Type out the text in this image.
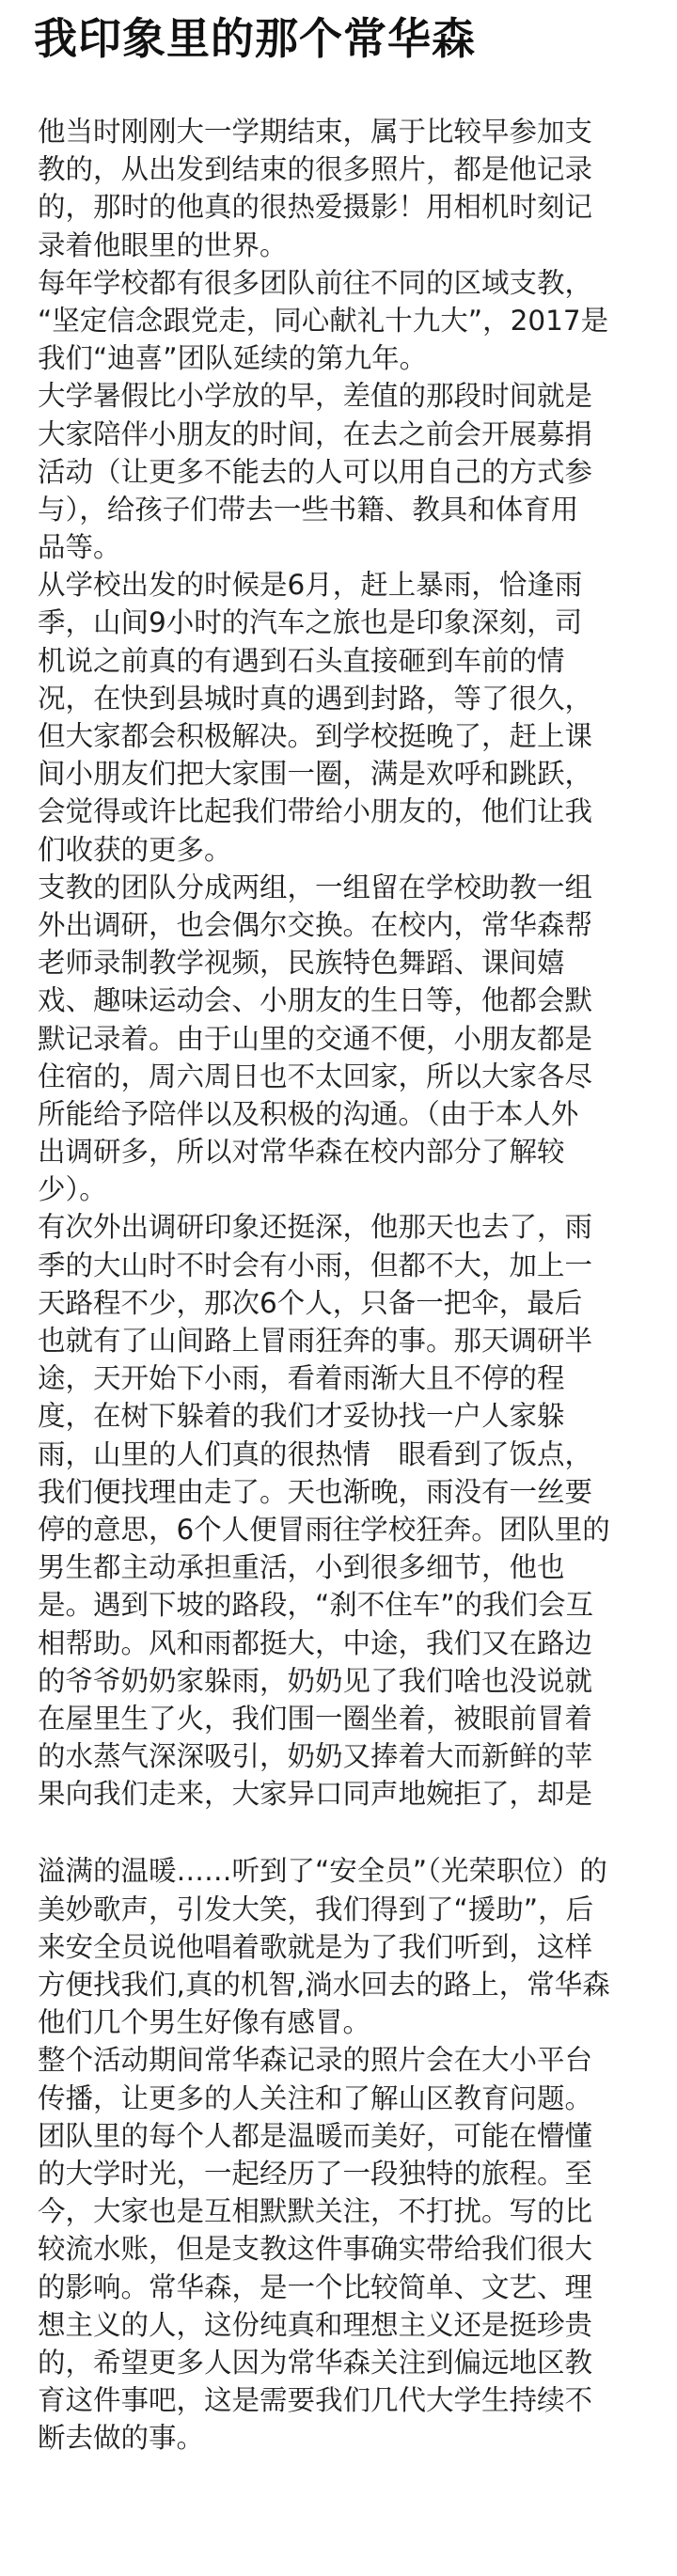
我印象里的那个常华森
他当时刚刚大一学期结束，属于比较早参加支
教的，从出发到结束的很多照片，都是他记录
的，那时的他真的很热爱摄影！用相机时刻记
录着他眼里的世界。
每年学校都有很多团队前往不同的区域支教，
“坚定信念跟党走，同心献礼十九大”，2017是
我们“迪喜”团队延续的第九年。
大学暑假比小学放的早，差值的那段时间就是
大家陪伴小朋友的时间，在去之前会开展募捐
活动（让更多不能去的人可以用自己的方式参
与），给孩子们带去一些书籍、教具和体育用
品等。
从学校出发的时候是6月，赶上暴雨，恰逢雨
季，山间9小时的汽车之旅也是印象深刻，司
机说之前真的有遇到石头直接砸到车前的情
况，在快到县城时真的遇到封路，等了很久，
但大家都会积极解决。到学校挺晚了，赶上课
间小朋友们把大家围一圈，满是欢呼和跳跃，
会觉得或许比起我们带给小朋友的，他们让我
们收获的更多。
支教的团队分成两组，一组留在学校助教一组
外出调研，也会偶尔交换。在校内，常华森帮
老师录制教学视频，民族特色舞蹈、课间嬉
戏、趣味运动会、小朋友的生日等，他都会默
默记录着。由于山里的交通不便，小朋友都是
住宿的，周六周日也不太回家，所以大家各尽
所能给予陪伴以及积极的沟通。（由于本人外
出调研多，所以对常华森在校内部分了解较
少）。
有次外出调研印象还挺深，他那天也去了，雨
季的大山时不时会有小雨，但都不大，加上一
天路程不少，那次6个人，只备一把伞，最后
也就有了山间路上冒雨狂奔的事。那天调研半
途，天开始下小雨，看着雨渐大且不停的程
度，在树下躲着的我们才妥协找一户人家躲
雨，山里的人们真的很热情　眼看到了饭点，
我们便找理由走了。天也渐晚，雨没有一丝要
停的意思，6个人便冒雨往学校狂奔。团队里的
男生都主动承担重活，小到很多细节，他也
是。遇到下坡的路段，“刹不住车”的我们会互
相帮助。风和雨都挺大，中途，我们又在路边
的爷爷奶奶家躲雨，奶奶见了我们啥也没说就
在屋里生了火，我们围一圈坐着，被眼前冒着
的水蒸气深深吸引，奶奶又捧着大而新鲜的苹
果向我们走来，大家异口同声地婉拒了，却是
溢满的温暖……听到了“安全员”（光荣职位）的
美妙歌声，引发大笑，我们得到了“援助”，后
来安全员说他唱着歌就是为了我们听到，这样
方便找我们,真的机智,淌水回去的路上，常华森
他们几个男生好像有感冒。
整个活动期间常华森记录的照片会在大小平台
传播，让更多的人关注和了解山区教育问题。
团队里的每个人都是温暖而美好，可能在懵懂
的大学时光，一起经历了一段独特的旅程。至
今，大家也是互相默默关注，不打扰。写的比
较流水账，但是支教这件事确实带给我们很大
的影响。常华森，是一个比较简单、文艺、理
想主义的人，这份纯真和理想主义还是挺珍贵
的，希望更多人因为常华森关注到偏远地区教
育这件事吧，这是需要我们几代大学生持续不
断去做的事。
